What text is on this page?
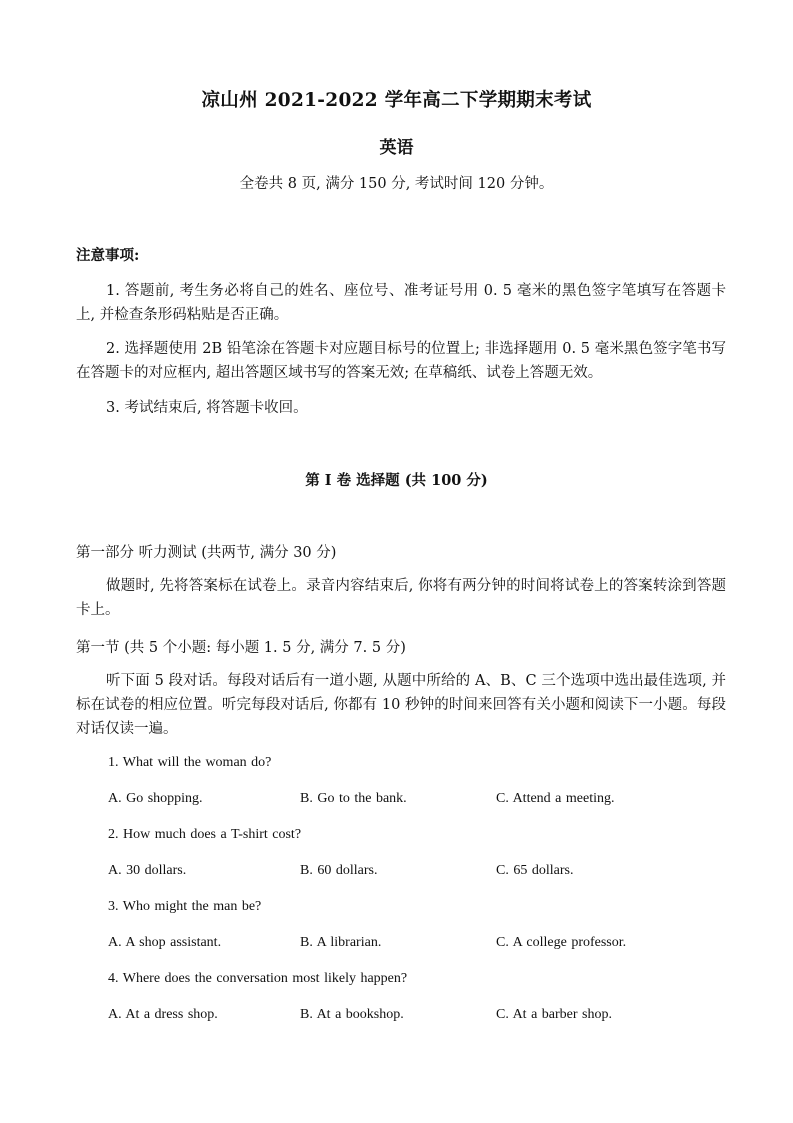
凉山州 2021-2022 学年高二下学期期末考试
英语
全卷共 8 页, 满分 150 分, 考试时间 120 分钟。
注意事项:
1. 答题前, 考生务必将自己的姓名、座位号、准考证号用 0. 5 毫米的黑色签字笔填写在答题卡上, 并检查条形码粘贴是否正确。
2. 选择题使用 2B 铅笔涂在答题卡对应题目标号的位置上; 非选择题用 0. 5 毫米黑色签字笔书写在答题卡的对应框内, 超出答题区域书写的答案无效; 在草稿纸、试卷上答题无效。
3. 考试结束后, 将答题卡收回。
第 I 卷 选择题 (共 100 分)
第一部分 听力测试 (共两节, 满分 30 分)
做题时, 先将答案标在试卷上。录音内容结束后, 你将有两分钟的时间将试卷上的答案转涂到答题卡上。
第一节 (共 5 个小题: 每小题 1. 5 分, 满分 7. 5 分)
听下面 5 段对话。每段对话后有一道小题, 从题中所给的 A、B、C 三个选项中选出最佳选项, 并标在试卷的相应位置。听完每段对话后, 你都有 10 秒钟的时间来回答有关小题和阅读下一小题。每段对话仅读一遍。
1. What will the woman do?
A. Go shopping.	B. Go to the bank.	C. Attend a meeting.
2. How much does a T-shirt cost?
A. 30 dollars.	B. 60 dollars.	C. 65 dollars.
3. Who might the man be?
A. A shop assistant.	B. A librarian.	C. A college professor.
4. Where does the conversation most likely happen?
A. At a dress shop.	B. At a bookshop.	C. At a barber shop.
